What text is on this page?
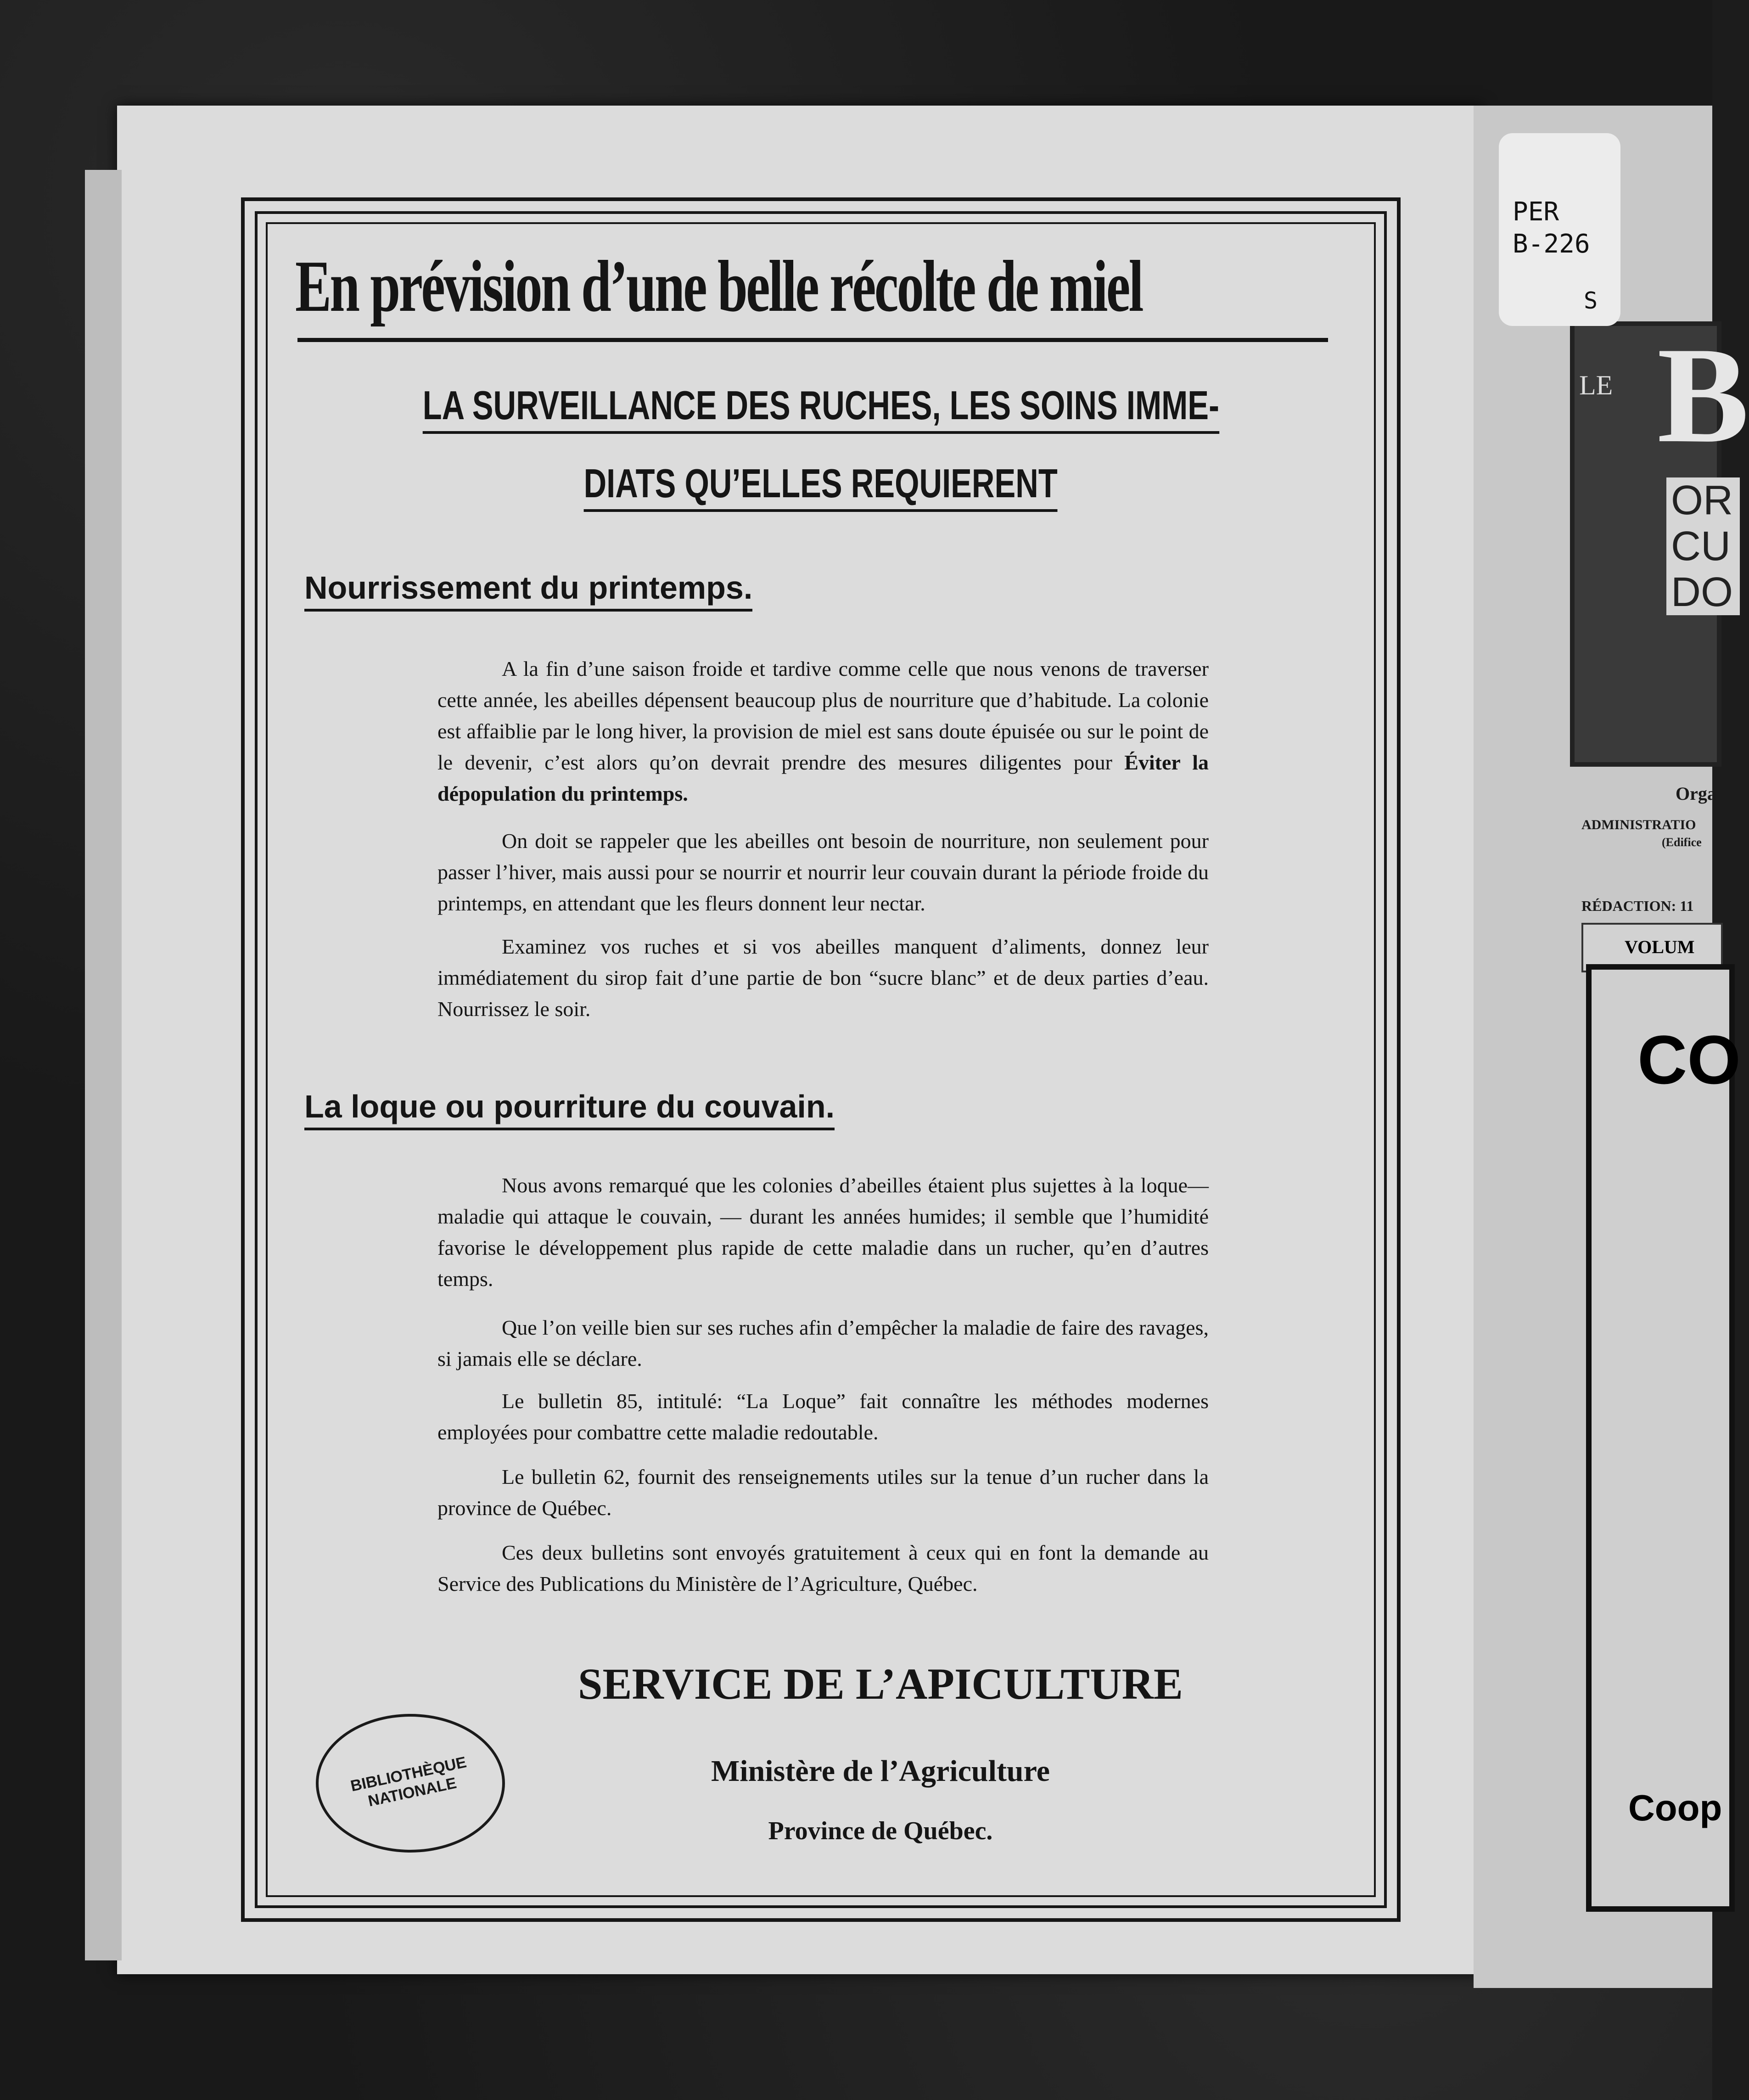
En prévision d’une belle récolte de miel
LA SURVEILLANCE DES RUCHES, LES SOINS IMME-
DIATS QU’ELLES REQUIERENT
Nourrissement du printemps.

A la fin d’une saison froide et tardive comme celle que nous venons de traverser cette année, les abeilles dépensent beaucoup plus de nourriture que d’habitude. La colonie est affaiblie par le long hiver, la provision de miel est sans doute épuisée ou sur le point de le devenir, c’est alors qu’on devrait prendre des mesures diligentes pour Éviter la dépopulation du printemps.

On doit se rappeler que les abeilles ont besoin de nourriture, non seulement pour passer l’hiver, mais aussi pour se nourrir et nourrir leur couvain durant la période froide du printemps, en attendant que les fleurs donnent leur nectar.

Examinez vos ruches et si vos abeilles manquent d’aliments, donnez leur immédiatement du sirop fait d’une partie de bon “sucre blanc” et de deux parties d’eau. Nourrissez le soir.

La loque ou pourriture du couvain.

Nous avons remarqué que les colonies d’abeilles étaient plus sujettes à la loque—maladie qui attaque le couvain, — durant les années humides; il semble que l’humidité favorise le développement plus rapide de cette maladie dans un rucher, qu’en d’autres temps.

Que l’on veille bien sur ses ruches afin d’empêcher la maladie de faire des ravages, si jamais elle se déclare.

Le bulletin 85, intitulé: “La Loque” fait connaître les méthodes modernes employées pour combattre cette maladie redoutable.

Le bulletin 62, fournit des renseignements utiles sur la tenue d’un rucher dans la province de Québec.

Ces deux bulletins sont envoyés gratuitement à ceux qui en font la demande au Service des Publications du Ministère de l’Agriculture, Québec.

BIBLIOTHÈQUE NATIONALE
SERVICE DE L’APICULTURE
Ministère de l’Agriculture
Province de Québec.
LE B
OR
CU
DO
PER
B-226
S
Orga
ADMINISTRATIO
(Edifice
RÉDACTION: 11
VOLUM
CO
Coop
